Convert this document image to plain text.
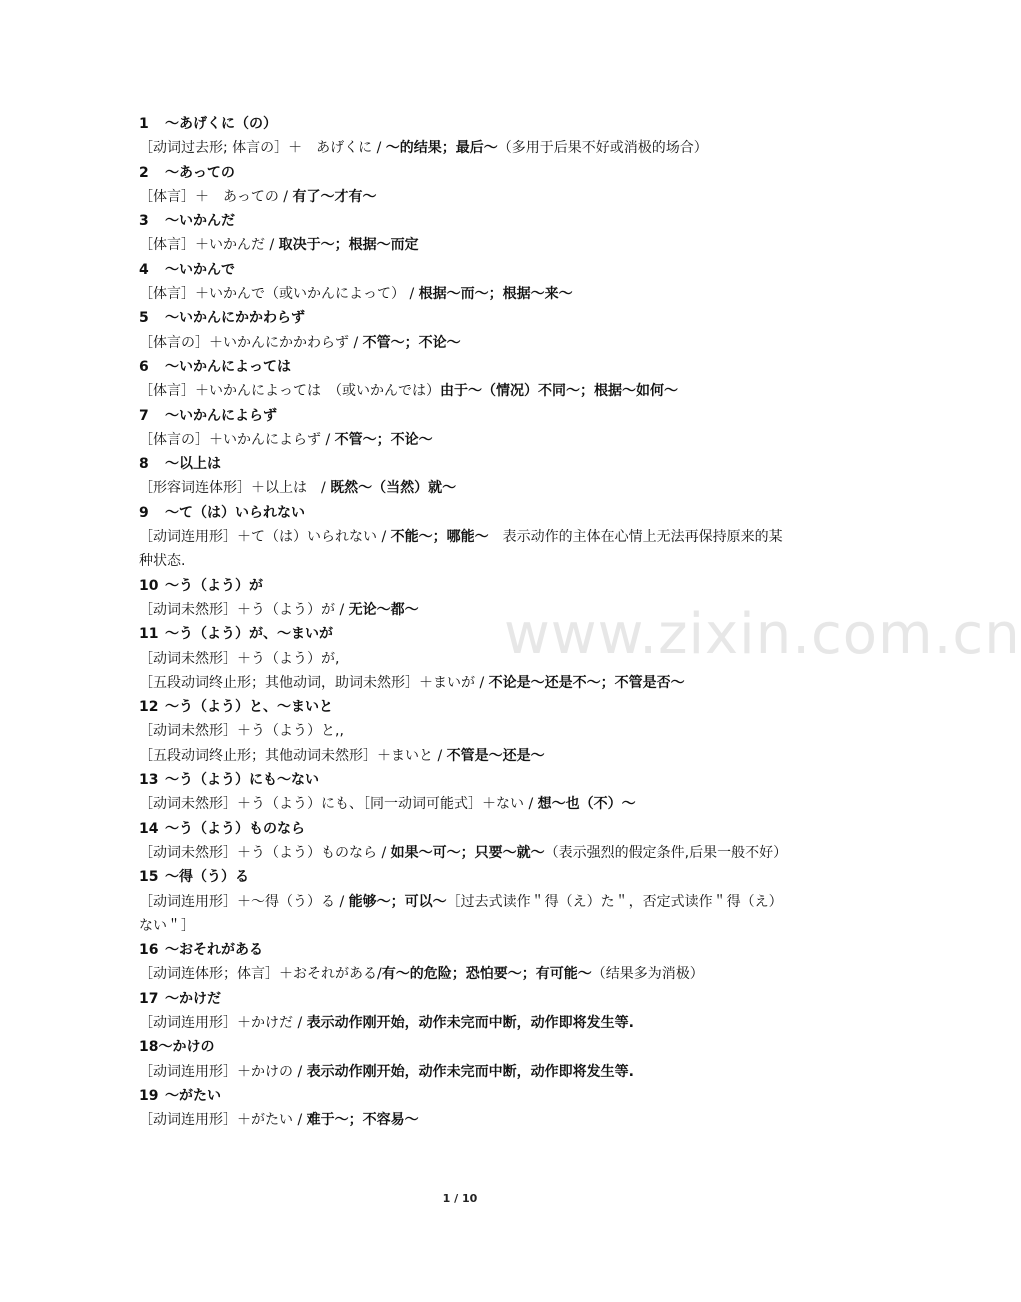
www.zixin.com.cn
1 ～あげくに（の）
［动词过去形; 体言の］＋　あげくに / ～的结果；最后～（多用于后果不好或消极的场合）
2 ～あっての
［体言］＋　あっての / 有了～才有～
3 ～いかんだ
［体言］＋いかんだ / 取决于～；根据～而定
4 ～いかんで
［体言］＋いかんで（或いかんによって） / 根据～而～；根据～来～
5 ～いかんにかかわらず
［体言の］＋いかんにかかわらず / 不管～；不论～
6 ～いかんによっては
［体言］＋いかんによっては　（或いかんでは）由于～（情况）不同～；根据～如何～
7 ～いかんによらず
［体言の］＋いかんによらず / 不管～；不论～
8 ～以上は
［形容词连体形］＋以上は　/ 既然～（当然）就～
9 ～て（は）いられない
［动词连用形］＋て（は）いられない / 不能～；哪能～　表示动作的主体在心情上无法再保持原来的某种状态.
10 ～う（よう）が
［动词未然形］＋う（よう）が / 无论～都～
11 ～う（よう）が、～まいが
［动词未然形］＋う（よう）が,
［五段动词终止形；其他动词，助词未然形］＋まいが / 不论是～还是不～；不管是否～
12 ～う（よう）と、～まいと
［动词未然形］＋う（よう）と,,
［五段动词终止形；其他动词未然形］＋まいと / 不管是～还是～
13 ～う（よう）にも～ない
［动词未然形］＋う（よう）にも、［同一动词可能式］＋ない / 想～也（不）～
14 ～う（よう）ものなら
［动词未然形］＋う（よう）ものなら / 如果～可～；只要～就～（表示强烈的假定条件,后果一般不好）
15 ～得（う）る
［动词连用形］＋～得（う）る / 能够～；可以～［过去式读作＂得（え）た＂，否定式读作＂得（え）ない＂］
16 ～おそれがある
［动词连体形；体言］＋おそれがある/有～的危险；恐怕要～；有可能～（结果多为消极）
17 ～かけだ
［动词连用形］＋かけだ / 表示动作刚开始，动作未完而中断，动作即将发生等.
18～かけの
［动词连用形］＋かけの / 表示动作刚开始，动作未完而中断，动作即将发生等.
19 ～がたい
［动词连用形］＋がたい / 难于～；不容易～
1 / 10
